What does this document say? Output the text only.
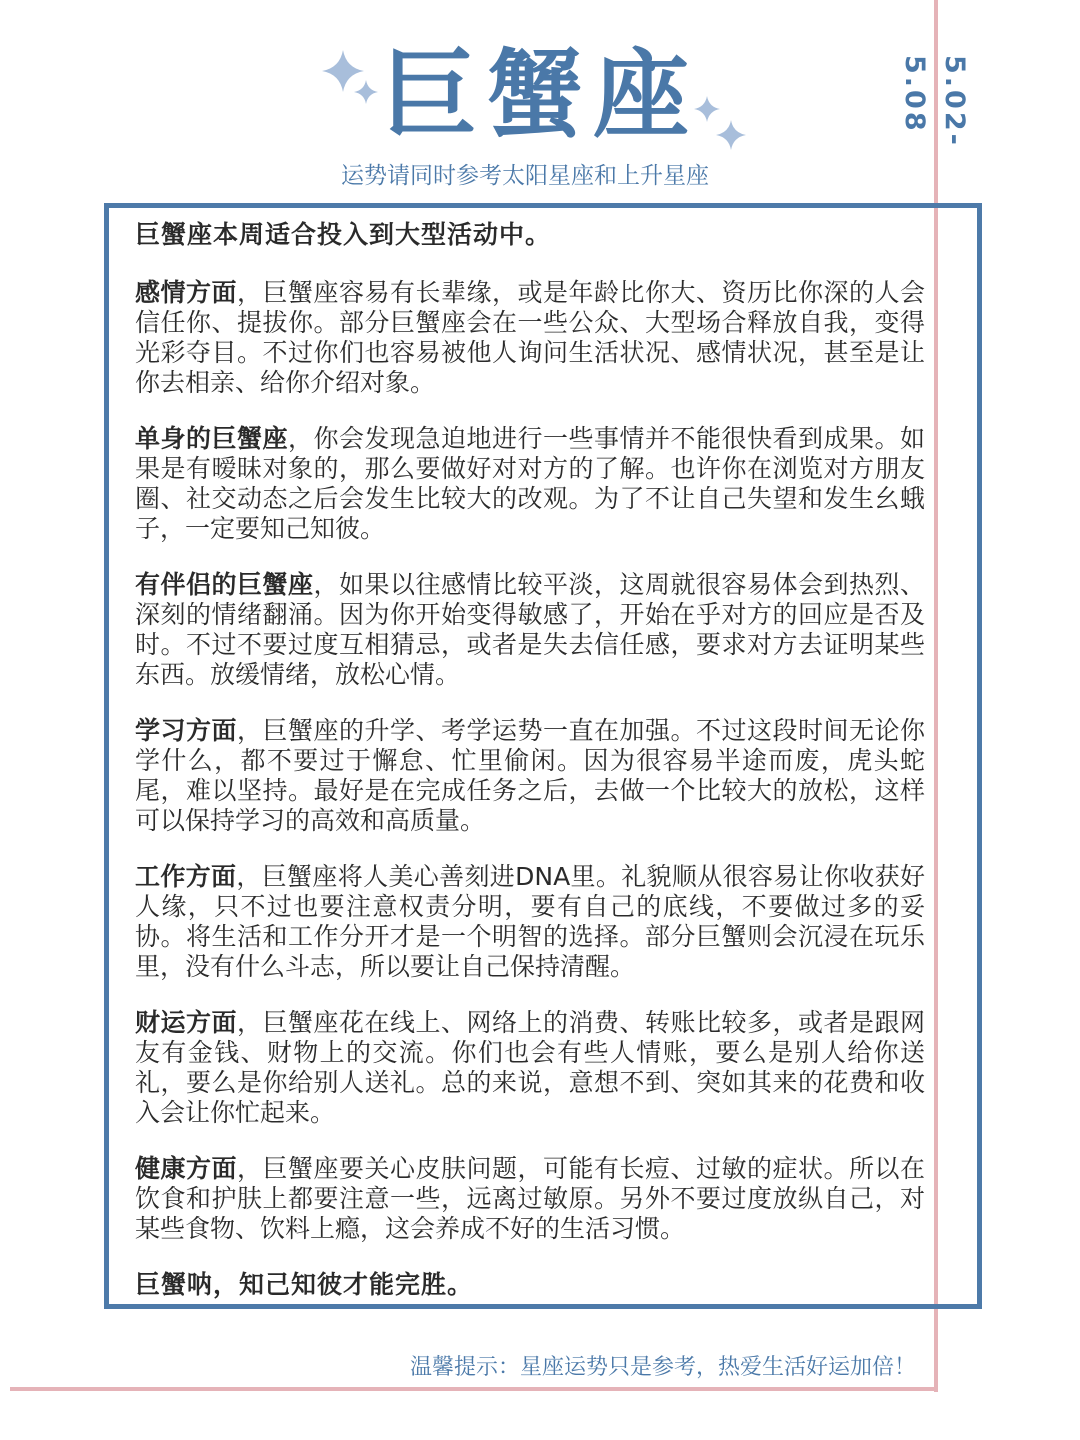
巨蟹座
运势请同时参考太阳星座和上升星座
5.02-5.08

巨蟹座本周适合投入到大型活动中。

感情方面，巨蟹座容易有长辈缘，或是年龄比你大、资历比你深的人会信任你、提拔你。部分巨蟹座会在一些公众、大型场合释放自我，变得光彩夺目。不过你们也容易被他人询问生活状况、感情状况，甚至是让你去相亲、给你介绍对象。

单身的巨蟹座，你会发现急迫地进行一些事情并不能很快看到成果。如果是有暧昧对象的，那么要做好对对方的了解。也许你在浏览对方朋友圈、社交动态之后会发生比较大的改观。为了不让自己失望和发生幺蛾子，一定要知己知彼。

有伴侣的巨蟹座，如果以往感情比较平淡，这周就很容易体会到热烈、深刻的情绪翻涌。因为你开始变得敏感了，开始在乎对方的回应是否及时。不过不要过度互相猜忌，或者是失去信任感，要求对方去证明某些东西。放缓情绪，放松心情。

学习方面，巨蟹座的升学、考学运势一直在加强。不过这段时间无论你学什么，都不要过于懈怠、忙里偷闲。因为很容易半途而废，虎头蛇尾，难以坚持。最好是在完成任务之后，去做一个比较大的放松，这样可以保持学习的高效和高质量。

工作方面，巨蟹座将人美心善刻进DNA里。礼貌顺从很容易让你收获好人缘，只不过也要注意权责分明，要有自己的底线，不要做过多的妥协。将生活和工作分开才是一个明智的选择。部分巨蟹则会沉浸在玩乐里，没有什么斗志，所以要让自己保持清醒。

财运方面，巨蟹座花在线上、网络上的消费、转账比较多，或者是跟网友有金钱、财物上的交流。你们也会有些人情账，要么是别人给你送礼，要么是你给别人送礼。总的来说，意想不到、突如其来的花费和收入会让你忙起来。

健康方面，巨蟹座要关心皮肤问题，可能有长痘、过敏的症状。所以在饮食和护肤上都要注意一些，远离过敏原。另外不要过度放纵自己，对某些食物、饮料上瘾，这会养成不好的生活习惯。

巨蟹呐，知己知彼才能完胜。

温馨提示：星座运势只是参考，热爱生活好运加倍！
